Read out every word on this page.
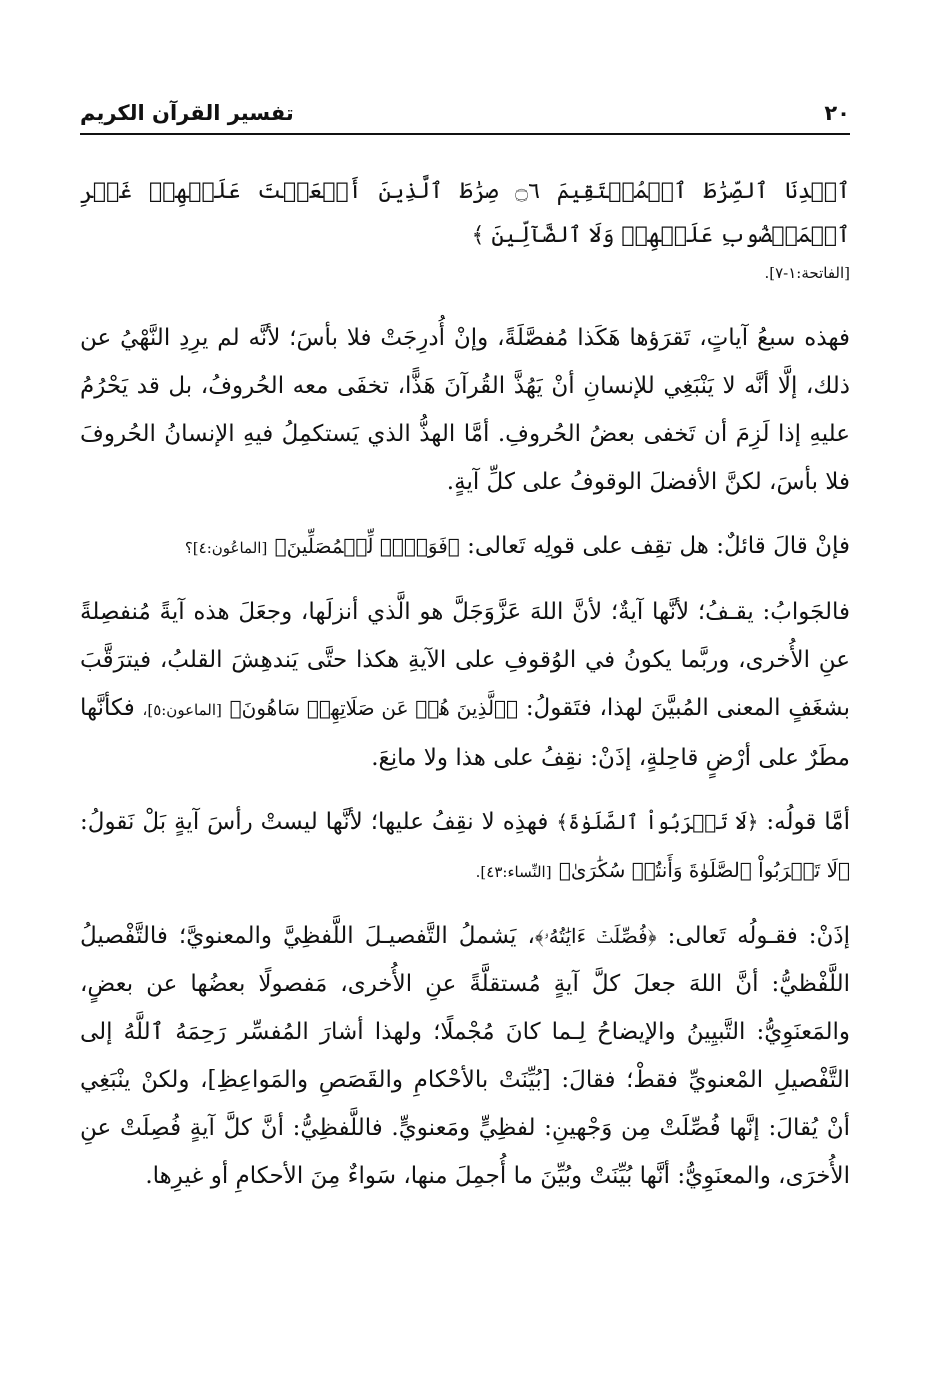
٢٠
تفسير القرآن الكريم

ٱهۡدِنَا ٱلصِّرَٰطَ ٱلۡمُسۡتَقِيمَ ۝٦ صِرَٰطَ ٱلَّذِينَ أَنۡعَمۡتَ عَلَيۡهِمۡ غَيۡرِ ٱلۡمَغۡضُوبِ عَلَيۡهِمۡ وَلَا ٱلضَّآلِّينَ ﴾

[الفاتحة:١-٧].

فهذه سبعُ آياتٍ، تَقرَؤها هَكَذا مُفصَّلَةً، وإنْ أُدرِجَتْ فلا بأسَ؛ لأنَّه لم يرِدِ النَّهْيُ عن ذلك، إلَّا أنَّه لا يَنْبَغِي للإنسانِ أنْ يَهُذَّ القُرآنَ هَذًّا، تخفَى معه الحُروفُ، بل قد يَحْرُمُ عليهِ إذا لَزِمَ أن تَخفى بعضُ الحُروفِ. أمَّا الهذُّ الذي يَستكمِلُ فيهِ الإنسانُ الحُروفَ فلا بأسَ، لكنَّ الأفضلَ الوقوفُ على كلِّ آيةٍ.

فإنْ قالَ قائلٌ: هل تقِف على قولِه تَعالى: ﴿فَوَيۡلٞ لِّلۡمُصَلِّينَ﴾ [الماعُون:٤]؟

فالجَوابُ: يقـفُ؛ لأنَّها آيةٌ؛ لأنَّ اللهَ عَزَّوَجَلَّ هو الَّذي أنزلَها، وجعَلَ هذه آيةً مُنفصِلةً عنِ الأُخرى، وربَّما يكونُ في الوُقوفِ على الآيةِ هكذا حتَّى يَندهِشَ القلبُ، فيترَقَّبَ بشغَفٍ المعنى المُبيَّنَ لهذا، فتَقولُ: ﴿ٱلَّذِينَ هُمۡ عَن صَلَاتِهِمۡ سَاهُونَ﴾ [الماعون:٥]، فكأنَّها مطَرٌ على أرْضٍ قاحِلةٍ، إذَنْ: نقِفُ على هذا ولا مانِعَ.

أمَّا قولُه: ﴿لَا تَقۡرَبُواْ ٱلصَّلَوٰةَ﴾ فهذِه لا نقِفُ عليها؛ لأنَّها ليستْ رأسَ آيةٍ بَلْ نَقولُ: ﴿لَا تَقۡرَبُواْ ٱلصَّلَوٰةَ وَأَنتُمۡ سُكَٰرَىٰ﴾ [النِّساء:٤٣].

إذَنْ: فقـولُه تَعالى: ﴿فُصِّلَتۡ ءَايَٰتُهُۥ﴾، يَشملُ التَّفصيـلَ اللَّفظِيَّ والمعنويَّ؛ فالتَّفْصيلُ اللَّفْظيُّ: أنَّ اللهَ جعلَ كلَّ آيةٍ مُستقلَّةً عنِ الأُخرى، مَفصولًا بعضُها عن بعضٍ، والمَعنَوِيُّ: التَّبيِينُ والإيضاحُ لِـما كانَ مُجْملًا؛ ولهذا أشارَ المُفسِّر رَحِمَهُ ٱللَّهُ إلى التَّفْصيلِ المْعنويِّ فقطْ؛ فقالَ: [بُيِّنَتْ بالأحْكامِ والقَصَصِ والمَواعِظِ]، ولكنْ ينْبَغِي أنْ يُقالَ: إنَّها فُصِّلَتْ مِن وَجْهينِ: لفظِيٍّ ومَعنويٍّ. فاللَّفظِيُّ: أنَّ كلَّ آيةٍ فُصِلَتْ عنِ الأُخرَى، والمعنَوِيُّ: أنَّها بُيِّنَتْ وبُيِّنَ ما أُجمِلَ منها، سَواءٌ مِنَ الأحكامِ أو غيرِها.
